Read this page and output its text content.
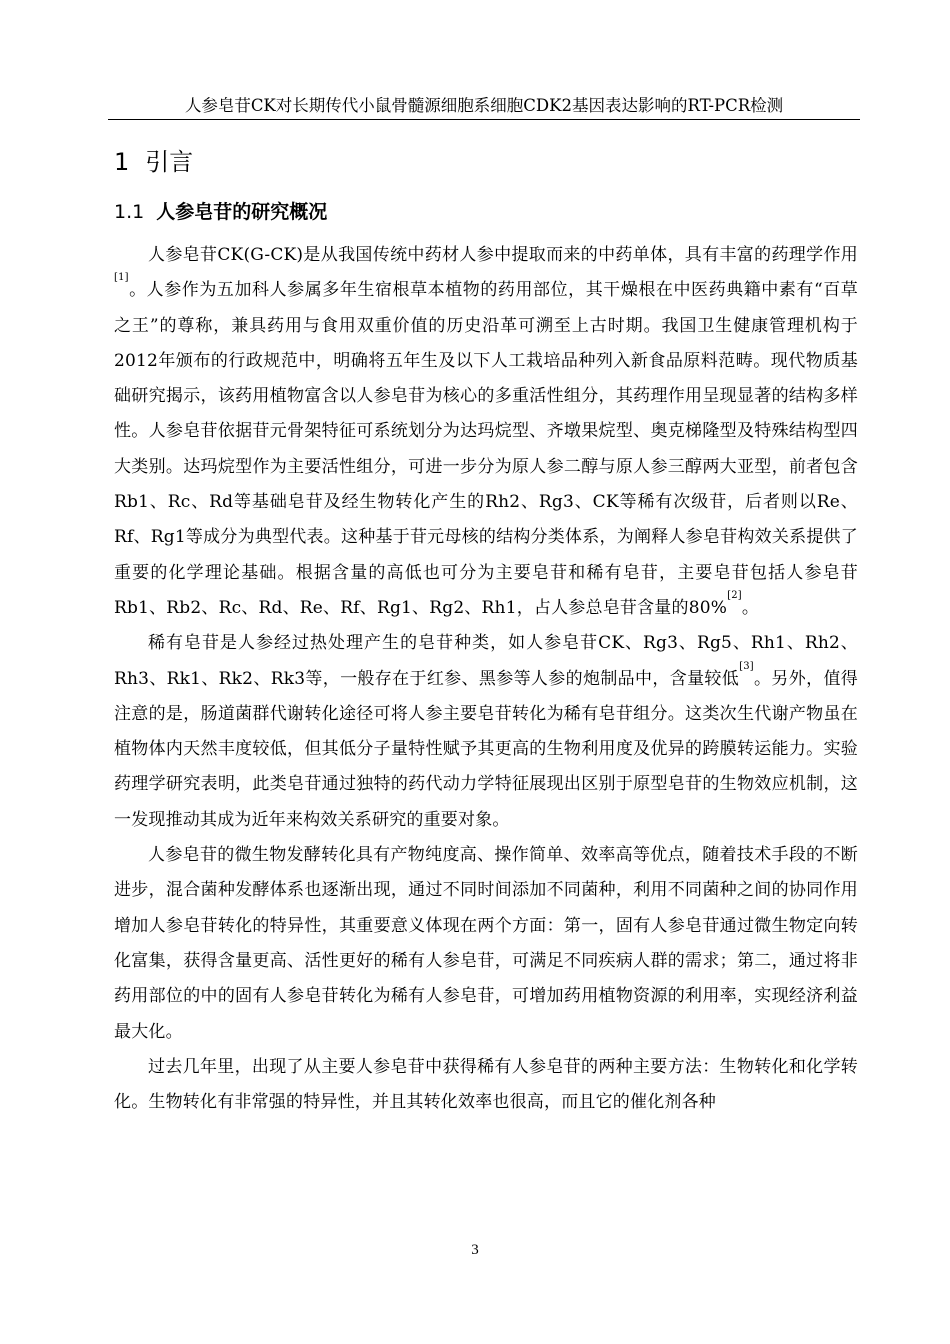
人参皂苷CK对长期传代小鼠骨髓源细胞系细胞CDK2基因表达影响的RT-PCR检测
1 引言
1.1 人参皂苷的研究概况

人参皂苷CK(G-CK)是从我国传统中药材人参中提取而来的中药单体，具有丰富的药理学作用[1]。人参作为五加科人参属多年生宿根草本植物的药用部位，其干燥根在中医药典籍中素有“百草之王”的尊称，兼具药用与食用双重价值的历史沿革可溯至上古时期。我国卫生健康管理机构于2012年颁布的行政规范中，明确将五年生及以下人工栽培品种列入新食品原料范畴。现代物质基础研究揭示，该药用植物富含以人参皂苷为核心的多重活性组分，其药理作用呈现显著的结构多样性。人参皂苷依据苷元骨架特征可系统划分为达玛烷型、齐墩果烷型、奥克梯隆型及特殊结构型四大类别。达玛烷型作为主要活性组分，可进一步分为原人参二醇与原人参三醇两大亚型，前者包含Rb1、Rc、Rd等基础皂苷及经生物转化产生的Rh2、Rg3、CK等稀有次级苷，后者则以Re、Rf、Rg1等成分为典型代表。这种基于苷元母核的结构分类体系，为阐释人参皂苷构效关系提供了重要的化学理论基础。根据含量的高低也可分为主要皂苷和稀有皂苷，主要皂苷包括人参皂苷Rb1、Rb2、Rc、Rd、Re、Rf、Rg1、Rg2、Rh1，占人参总皂苷含量的80%[2]。

稀有皂苷是人参经过热处理产生的皂苷种类，如人参皂苷CK、Rg3、Rg5、Rh1、Rh2、Rh3、Rk1、Rk2、Rk3等，一般存在于红参、黑参等人参的炮制品中，含量较低[3]。另外，值得注意的是，肠道菌群代谢转化途径可将人参主要皂苷转化为稀有皂苷组分。这类次生代谢产物虽在植物体内天然丰度较低，但其低分子量特性赋予其更高的生物利用度及优异的跨膜转运能力。实验药理学研究表明，此类皂苷通过独特的药代动力学特征展现出区别于原型皂苷的生物效应机制，这一发现推动其成为近年来构效关系研究的重要对象。

人参皂苷的微生物发酵转化具有产物纯度高、操作简单、效率高等优点，随着技术手段的不断进步，混合菌种发酵体系也逐渐出现，通过不同时间添加不同菌种，利用不同菌种之间的协同作用增加人参皂苷转化的特异性，其重要意义体现在两个方面：第一，固有人参皂苷通过微生物定向转化富集，获得含量更高、活性更好的稀有人参皂苷，可满足不同疾病人群的需求；第二，通过将非药用部位的中的固有人参皂苷转化为稀有人参皂苷，可增加药用植物资源的利用率，实现经济利益最大化。

过去几年里，出现了从主要人参皂苷中获得稀有人参皂苷的两种主要方法：生物转化和化学转化。生物转化有非常强的特异性，并且其转化效率也很高，而且它的催化剂各种

3
